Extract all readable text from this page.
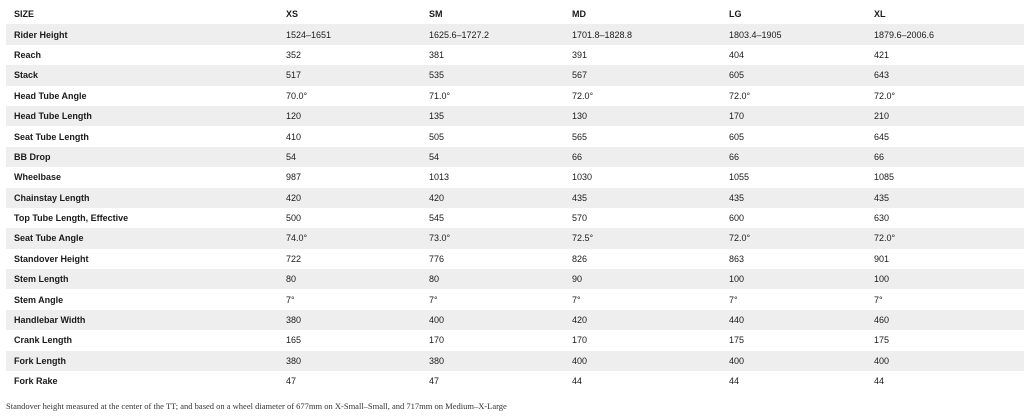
SIZE	XS	SM	MD	LG	XL
Rider Height	1524–1651	1625.6–1727.2	1701.8–1828.8	1803.4–1905	1879.6–2006.6
Reach	352	381	391	404	421
Stack	517	535	567	605	643
Head Tube Angle	70.0°	71.0°	72.0°	72.0°	72.0°
Head Tube Length	120	135	130	170	210
Seat Tube Length	410	505	565	605	645
BB Drop	54	54	66	66	66
Wheelbase	987	1013	1030	1055	1085
Chainstay Length	420	420	435	435	435
Top Tube Length, Effective	500	545	570	600	630
Seat Tube Angle	74.0°	73.0°	72.5°	72.0°	72.0°
Standover Height	722	776	826	863	901
Stem Length	80	80	90	100	100
Stem Angle	7°	7°	7°	7°	7°
Handlebar Width	380	400	420	440	460
Crank Length	165	170	170	175	175
Fork Length	380	380	400	400	400
Fork Rake	47	47	44	44	44
Standover height measured at the center of the TT; and based on a wheel diameter of 677mm on X-Small–Small, and 717mm on Medium–X-Large
